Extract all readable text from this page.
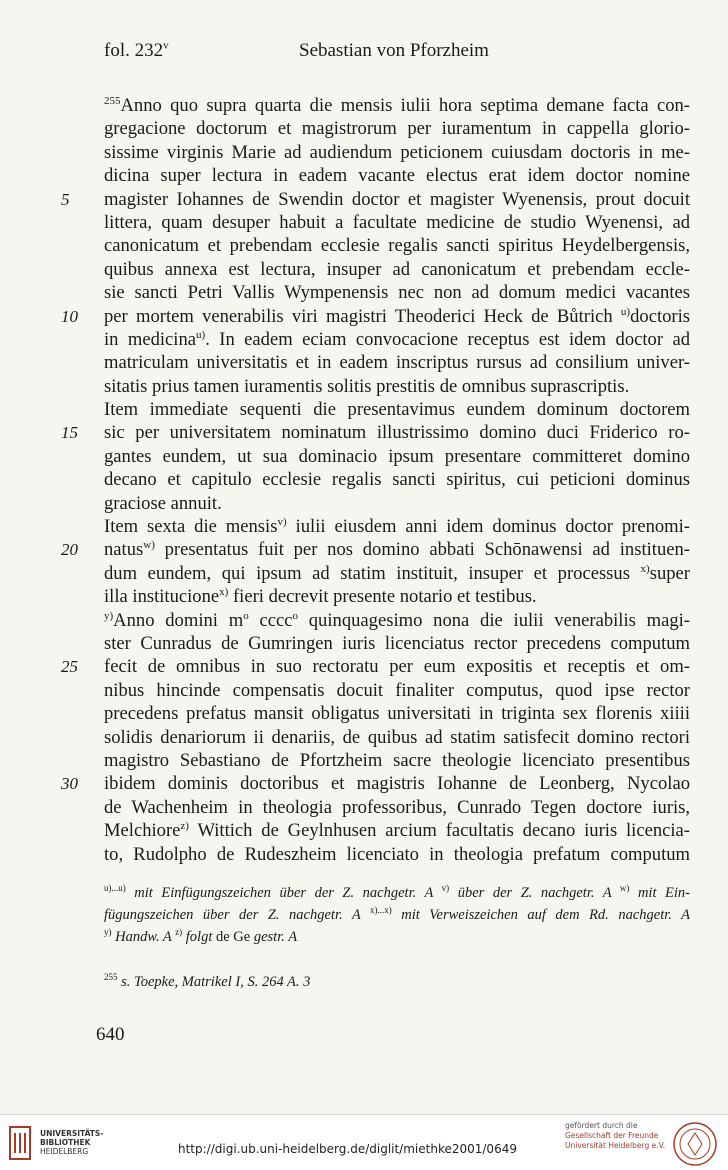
fol. 232$^v$	Sebastian von Pforzheim
$^{255}$Anno quo supra quarta die mensis iulii hora septima demane facta con-
gregacione doctorum et magistrorum per iuramentum in cappella glorio-
sissime virginis Marie ad audiendum peticionem cuiusdam doctoris in me-
dicina super lectura in eadem vacante electus erat idem doctor nomine
5 magister Iohannes de Swendin doctor et magister Wyenensis, prout docuit
littera, quam desuper habuit a facultate medicine de studio Wyenensi, ad
canonicatum et prebendam ecclesie regalis sancti spiritus Heydelbergensis,
quibus annexa est lectura, insuper ad canonicatum et prebendam eccle-
sie sancti Petri Vallis Wympenensis nec non ad domum medici vacantes
10 per mortem venerabilis viri magistri Theoderici Heck de Bůtrich $^{u)}$doctoris
in medicina$^{u)}$. In eadem eciam convocacione receptus est idem doctor ad
matriculam universitatis et in eadem inscriptus rursus ad consilium univer-
sitatis prius tamen iuramentis solitis prestitis de omnibus suprascriptis.
Item immediate sequenti die presentavimus eundem dominum doctorem
15 sic per universitatem nominatum illustrissimo domino duci Friderico ro-
gantes eundem, ut sua dominacio ipsum presentare committeret domino
decano et capitulo ecclesie regalis sancti spiritus, cui peticioni dominus
graciose annuit.
Item sexta die mensis$^{v)}$ iulii eiusdem anni idem dominus doctor prenomi-
20 natus$^{w)}$ presentatus fuit per nos domino abbati Schōnawensi ad instituen-
dum eundem, qui ipsum ad statim instituit, insuper et processus $^{x)}$super
illa institucione$^{x)}$ fieri decrevit presente notario et testibus.
$^{y)}$Anno domini $m^o$ cccc$^o$ quinquagesimo nona die iulii venerabilis magi-
ster Cunradus de Gumringen iuris licenciatus rector precedens computum
25 fecit de omnibus in suo rectoratu per eum expositis et receptis et om-
nibus hincinde compensatis docuit finaliter computus, quod ipse rector
precedens prefatus mansit obligatus universitati in triginta sex florenis xiiii
solidis denariorum ii denariis, de quibus ad statim satisfecit domino rectori
magistro Sebastiano de Pfortzheim sacre theologie licenciato presentibus
30 ibidem dominis doctoribus et magistris Iohanne de Leonberg, Nycolao
de Wachenheim in theologia professoribus, Cunrado Tegen doctore iuris,
Melchiore$^{z)}$ Wittich de Geylnhusen arcium facultatis decano iuris licencia-
to, Rudolpho de Rudeszheim licenciato in theologia prefatum computum
$^{u)...u)}$ mit Einfügungszeichen über der Z. nachgetr. A $^{v)}$ über der Z. nachgetr. A $^{w)}$ mit Ein-
fügungszeichen über der Z. nachgetr. A $^{x)...x)}$ mit Verweiszeichen auf dem Rd. nachgetr. A
$^{y)}$ Handw. A $^{z)}$ folgt de Ge gestr. A
$^{255}$ s. Toepke, Matrikel I, S. 264 A. 3
640
UNIVERSITÄTS-
BIBLIOTHEK
HEIDELBERG	http://digi.ub.uni-heidelberg.de/diglit/miethke2001/0649
gefördert durch die
Gesellschaft der Freunde
Universität Heidelberg e.V.
